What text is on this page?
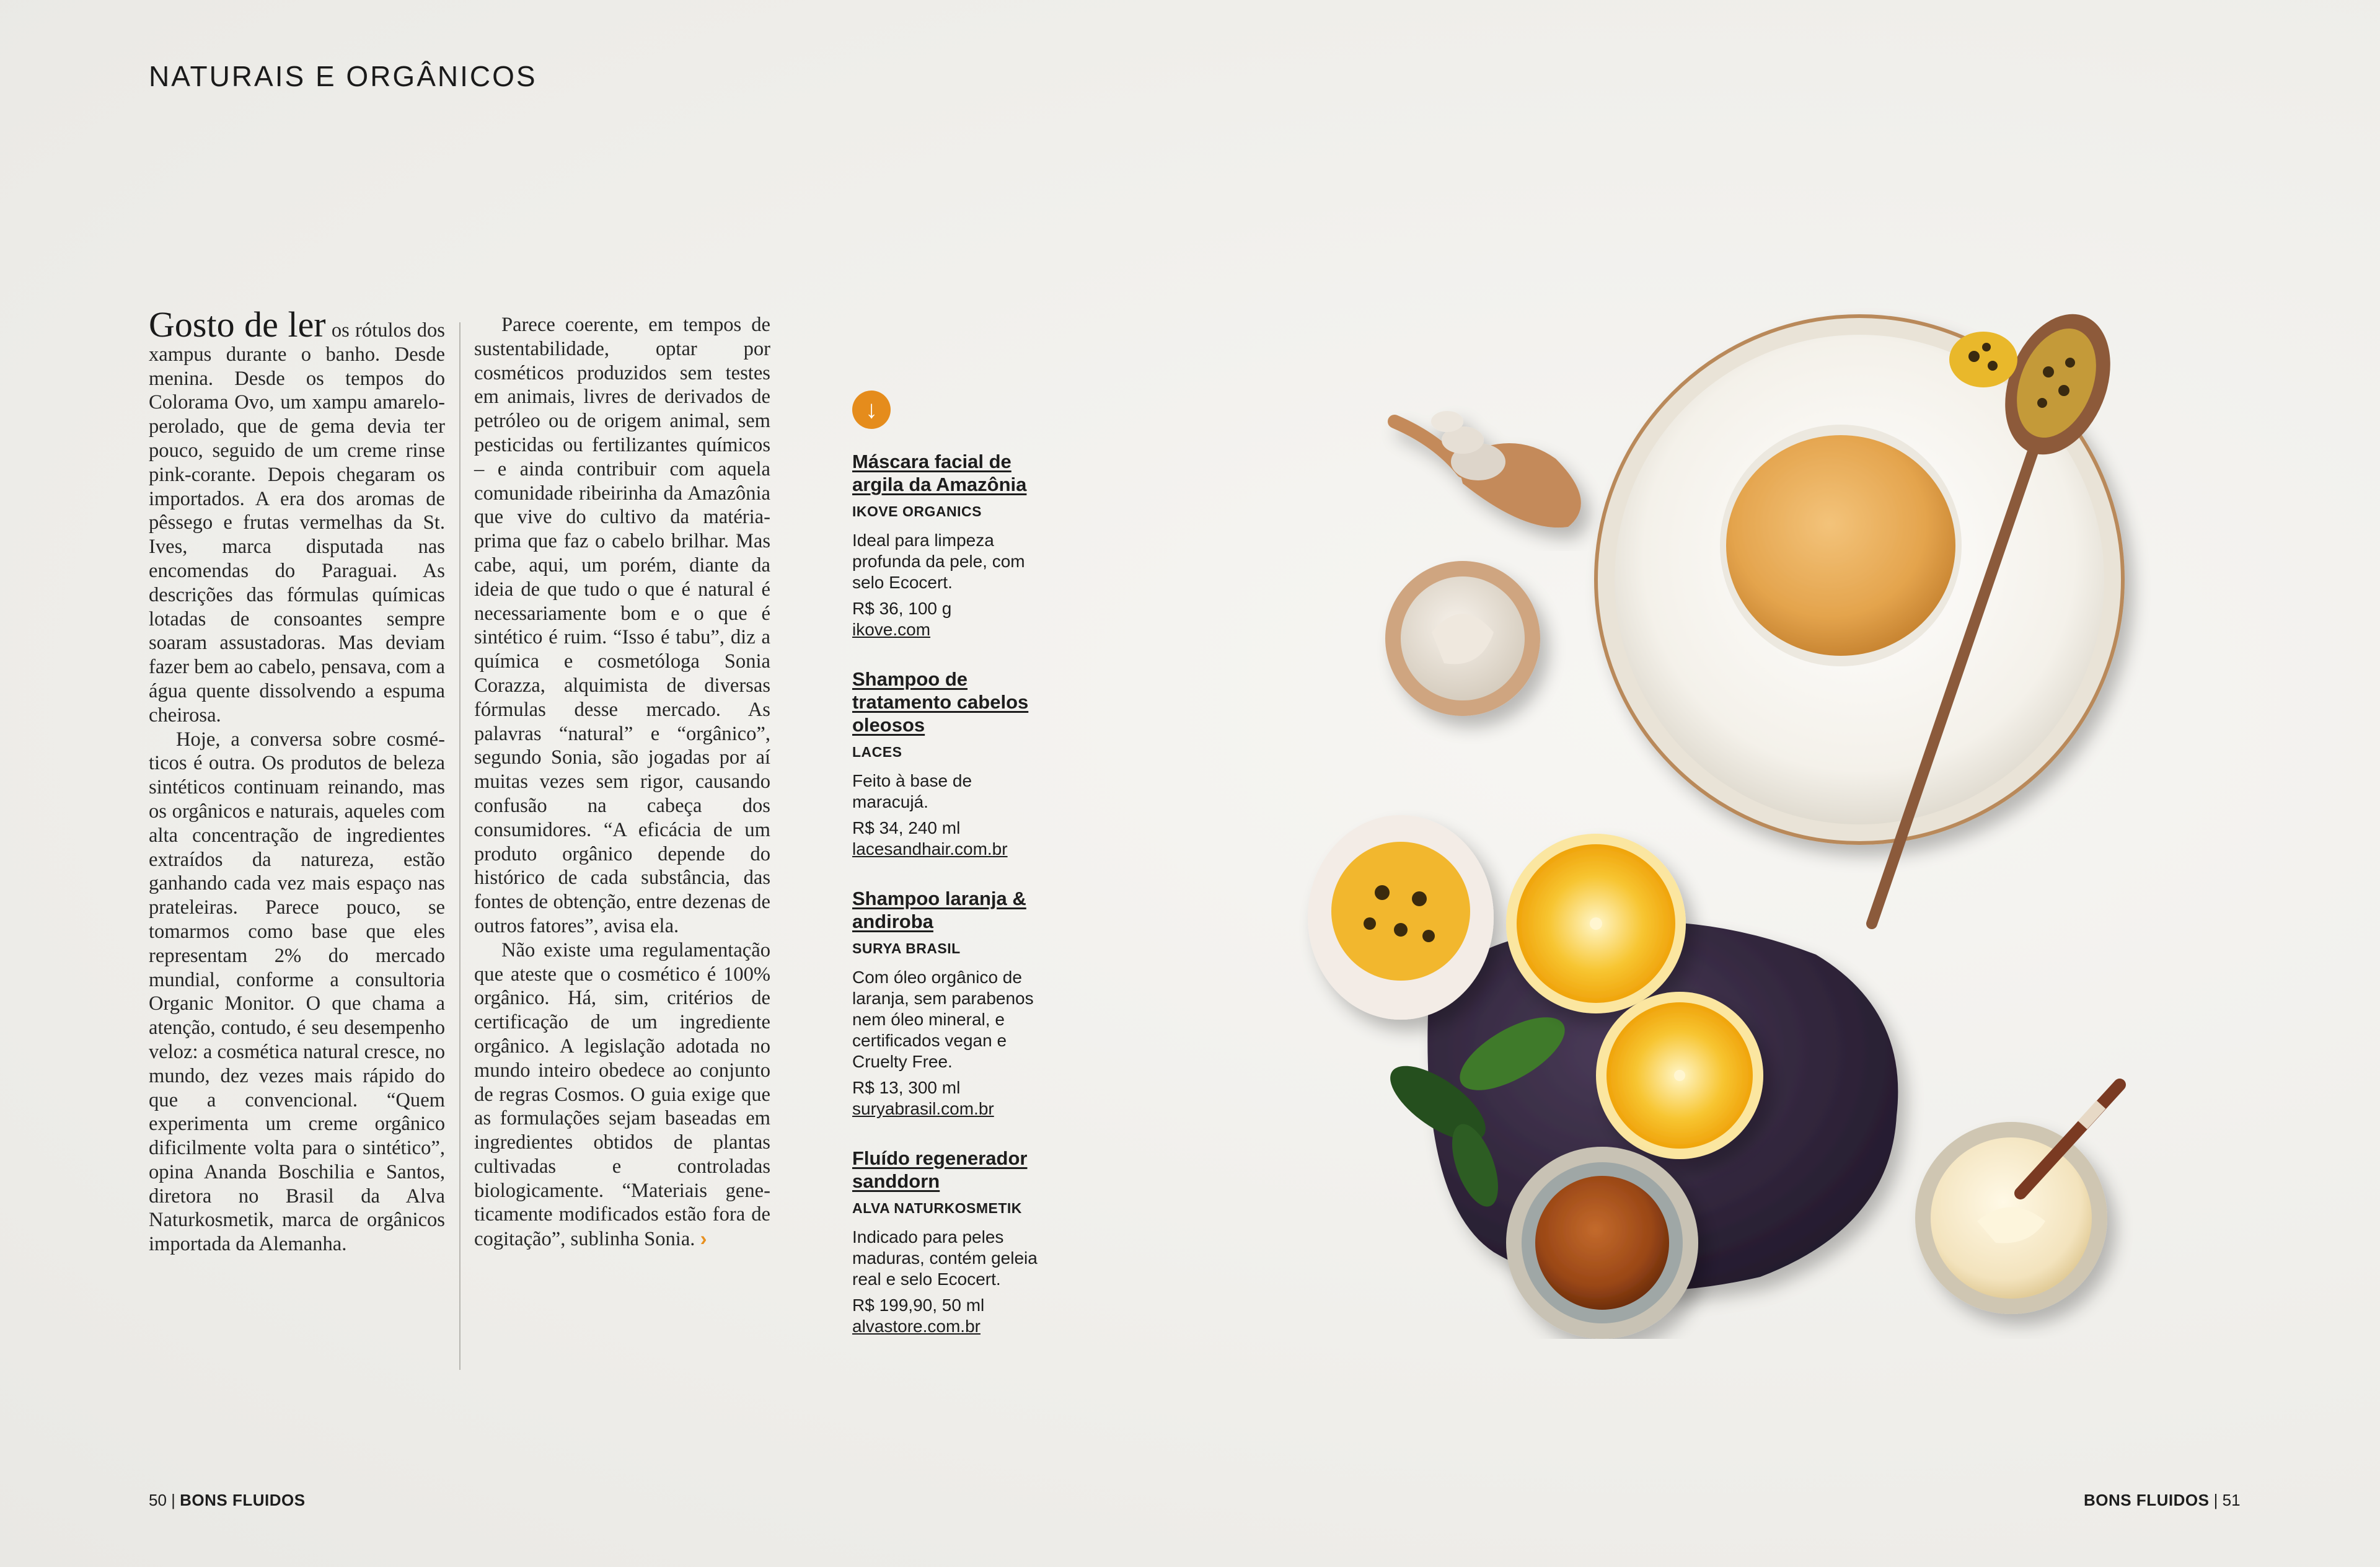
NATURAIS E ORGÂNICOS

Gosto de ler os rótulos dos xampus durante o banho. Desde menina. Desde os tempos do Colorama Ovo, um xampu amarelo-perolado, que de gema devia ter pouco, seguido de um creme rinse pink-corante. Depois chegaram os importados. A era dos aromas de pêssego e frutas vermelhas da St. Ives, marca disputada nas encomendas do Paraguai. As descrições das fórmulas químicas lotadas de consoantes sempre soaram assustadoras. Mas deviam fazer bem ao cabelo, pensava, com a água quente dissolvendo a espuma cheirosa.

Hoje, a conversa sobre cosméticos é outra. Os produtos de beleza sintéticos continuam reinando, mas os orgânicos e naturais, aqueles com alta concentração de ingredientes extraídos da natureza, estão ganhando cada vez mais espaço nas prateleiras. Parece pouco, se tomarmos como base que eles representam 2% do mercado mundial, conforme a consultoria Organic Monitor. O que chama a atenção, contudo, é seu desempenho veloz: a cosmética natural cresce, no mundo, dez vezes mais rápido do que a convencional. “Quem experimenta um creme orgânico dificilmente volta para o sintético”, opina Ananda Boschilia e Santos, diretora no Brasil da Alva Naturkosmetik, marca de orgânicos importada da Alemanha.

Parece coerente, em tempos de sustentabilidade, optar por cosméticos produzidos sem testes em animais, livres de derivados de petróleo ou de origem animal, sem pesticidas ou fertilizantes químicos – e ainda contribuir com aquela comunidade ribeirinha da Amazônia que vive do cultivo da matéria-prima que faz o cabelo brilhar. Mas cabe, aqui, um porém, diante da ideia de que tudo o que é natural é necessariamente bom e o que é sintético é ruim. “Isso é tabu”, diz a química e cosmetóloga Sonia Corazza, alquimista de diversas fórmulas desse mercado. As palavras “natural” e “orgânico”, segundo Sonia, são jogadas por aí muitas vezes sem rigor, causando confusão na cabeça dos consumidores. “A eficácia de um produto orgânico depende do histórico de cada substância, das fontes de obtenção, entre dezenas de outros fatores”, avisa ela.

Não existe uma regulamentação que ateste que o cosmético é 100% orgânico. Há, sim, critérios de certificação de um ingrediente orgânico. A legislação adotada no mundo inteiro obedece ao conjunto de regras Cosmos. O guia exige que as formulações sejam baseadas em ingredientes obtidos de plantas cultivadas e controladas biologicamente. “Materiais geneticamente modificados estão fora de cogitação”, sublinha Sonia. ›

↓

Máscara facial de argila da Amazônia

IKOVE ORGANICS

Ideal para limpeza profunda da pele, com selo Ecocert.

R$ 36, 100 g

ikove.com

Shampoo de tratamento cabelos oleosos

LACES

Feito à base de maracujá.

R$ 34, 240 ml

lacesandhair.com.br

Shampoo laranja & andiroba

SURYA BRASIL

Com óleo orgânico de laranja, sem parabenos nem óleo mineral, e certificados vegan e Cruelty Free.

R$ 13, 300 ml

suryabrasil.com.br

Fluído regenerador sanddorn

ALVA NATURKOSMETIK

Indicado para peles maduras, contém geleia real e selo Ecocert.

R$ 199,90, 50 ml

alvastore.com.br
50 | BONS FLUIDOS	BONS FLUIDOS | 51
